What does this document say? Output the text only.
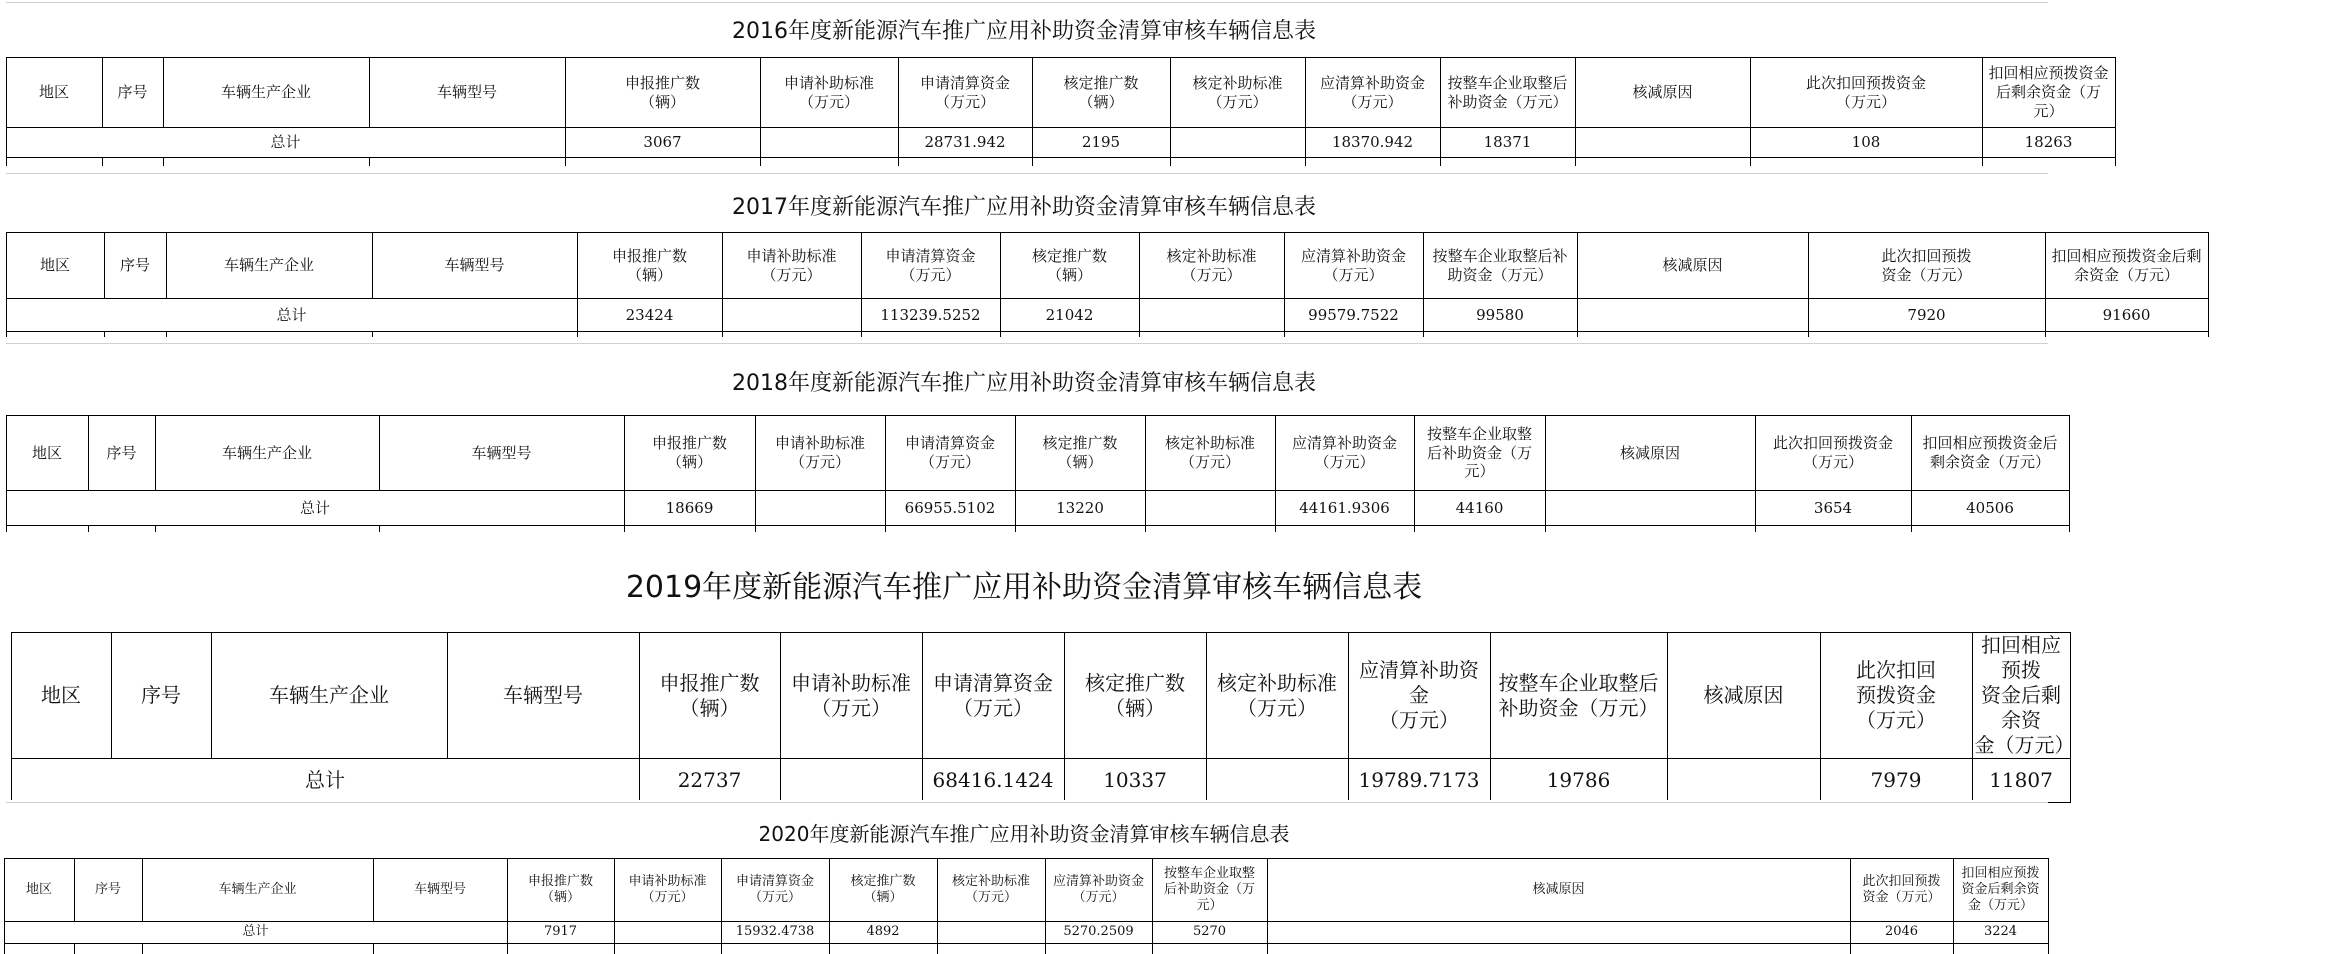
2016年度新能源汽车推广应用补助资金清算审核车辆信息表
	地区	序号	车辆生产企业	车辆型号	申报推广数
（辆）	申请补助标准
（万元）	申请清算资金
（万元）	核定推广数
（辆）	核定补助标准
（万元）	应清算补助资金
（万元）	按整车企业取整后
补助资金（万元）	核减原因	此次扣回预拨资金
（万元）	扣回相应预拨资金
后剩余资金（万
元）
	总计				3067		28731.942	2195		18370.942	18371		108	18263

2017年度新能源汽车推广应用补助资金清算审核车辆信息表
	地区	序号	车辆生产企业	车辆型号	申报推广数
（辆）	申请补助标准
（万元）	申请清算资金
（万元）	核定推广数
（辆）	核定补助标准
（万元）	应清算补助资金
（万元）	按整车企业取整后补
助资金（万元）	核减原因	此次扣回预拨
资金（万元）	扣回相应预拨资金后剩
余资金（万元）
	总计				23424		113239.5252	21042		99579.7522	99580		7920	91660

2018年度新能源汽车推广应用补助资金清算审核车辆信息表
	地区	序号	车辆生产企业	车辆型号	申报推广数
（辆）	申请补助标准
（万元）	申请清算资金
（万元）	核定推广数
（辆）	核定补助标准
（万元）	应清算补助资金
（万元）	按整车企业取整
后补助资金（万
元）	核减原因	此次扣回预拨资金
（万元）	扣回相应预拨资金后
剩余资金（万元）
	总计				18669		66955.5102	13220		44161.9306	44160		3654	40506

2019年度新能源汽车推广应用补助资金清算审核车辆信息表
	地区	序号	车辆生产企业	车辆型号	申报推广数
（辆）	申请补助标准
（万元）	申请清算资金
（万元）	核定推广数
（辆）	核定补助标准
（万元）	应清算补助资
金
（万元）	按整车企业取整后
补助资金（万元）	核减原因	此次扣回
预拨资金
（万元）	扣回相应预拨
资金后剩余资
金（万元）
	总计				22737		68416.1424	10337		19789.7173	19786		7979	11807
2020年度新能源汽车推广应用补助资金清算审核车辆信息表
	地区	序号	车辆生产企业	车辆型号	申报推广数
（辆）	申请补助标准
（万元）	申请清算资金
（万元）	核定推广数
（辆）	核定补助标准
（万元）	应清算补助资金
（万元）	按整车企业取整
后补助资金（万
元）	核减原因	此次扣回预拨
资金（万元）	扣回相应预拨
资金后剩余资
金（万元）
	总计				7917		15932.4738	4892		5270.2509	5270		2046	3224
